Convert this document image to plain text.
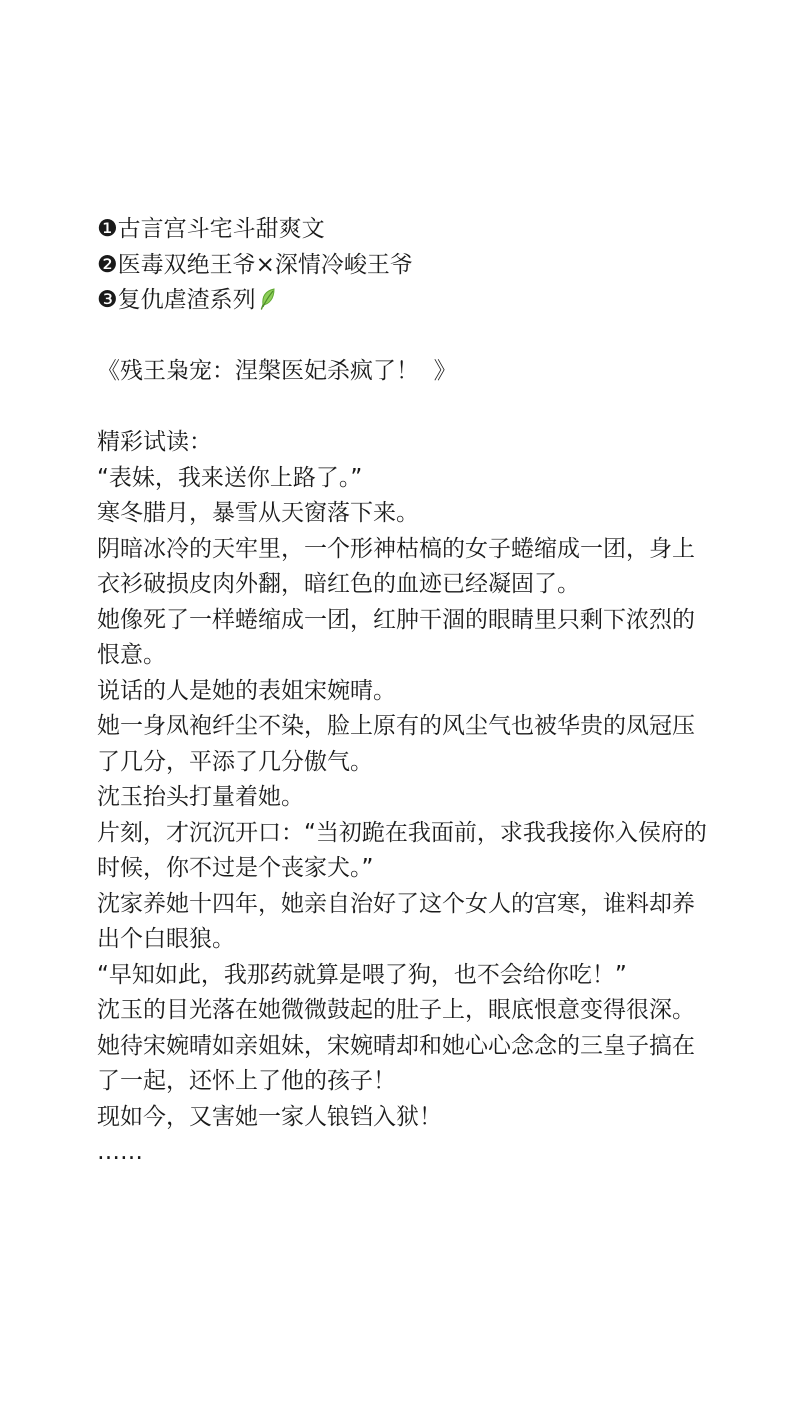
❶古言宫斗宅斗甜爽文
❷医毒双绝王爷×深情冷峻王爷
❸复仇虐渣系列
《残王枭宠：涅槃医妃杀疯了！  》
精彩试读：
“表妹，我来送你上路了。”
寒冬腊月，暴雪从天窗落下来。
阴暗冰冷的天牢里，一个形神枯槁的女子蜷缩成一团，身上
衣衫破损皮肉外翻，暗红色的血迹已经凝固了。
她像死了一样蜷缩成一团，红肿干涸的眼睛里只剩下浓烈的
恨意。
说话的人是她的表姐宋婉晴。
她一身凤袍纤尘不染，脸上原有的风尘气也被华贵的凤冠压
了几分，平添了几分傲气。
沈玉抬头打量着她。
片刻，才沉沉开口：“当初跪在我面前，求我我接你入侯府的
时候，你不过是个丧家犬。”
沈家养她十四年，她亲自治好了这个女人的宫寒，谁料却养
出个白眼狼。
“早知如此，我那药就算是喂了狗，也不会给你吃！”
沈玉的目光落在她微微鼓起的肚子上，眼底恨意变得很深。
她待宋婉晴如亲姐妹，宋婉晴却和她心心念念的三皇子搞在
了一起，还怀上了他的孩子！
现如今，又害她一家人锒铛入狱！
……
